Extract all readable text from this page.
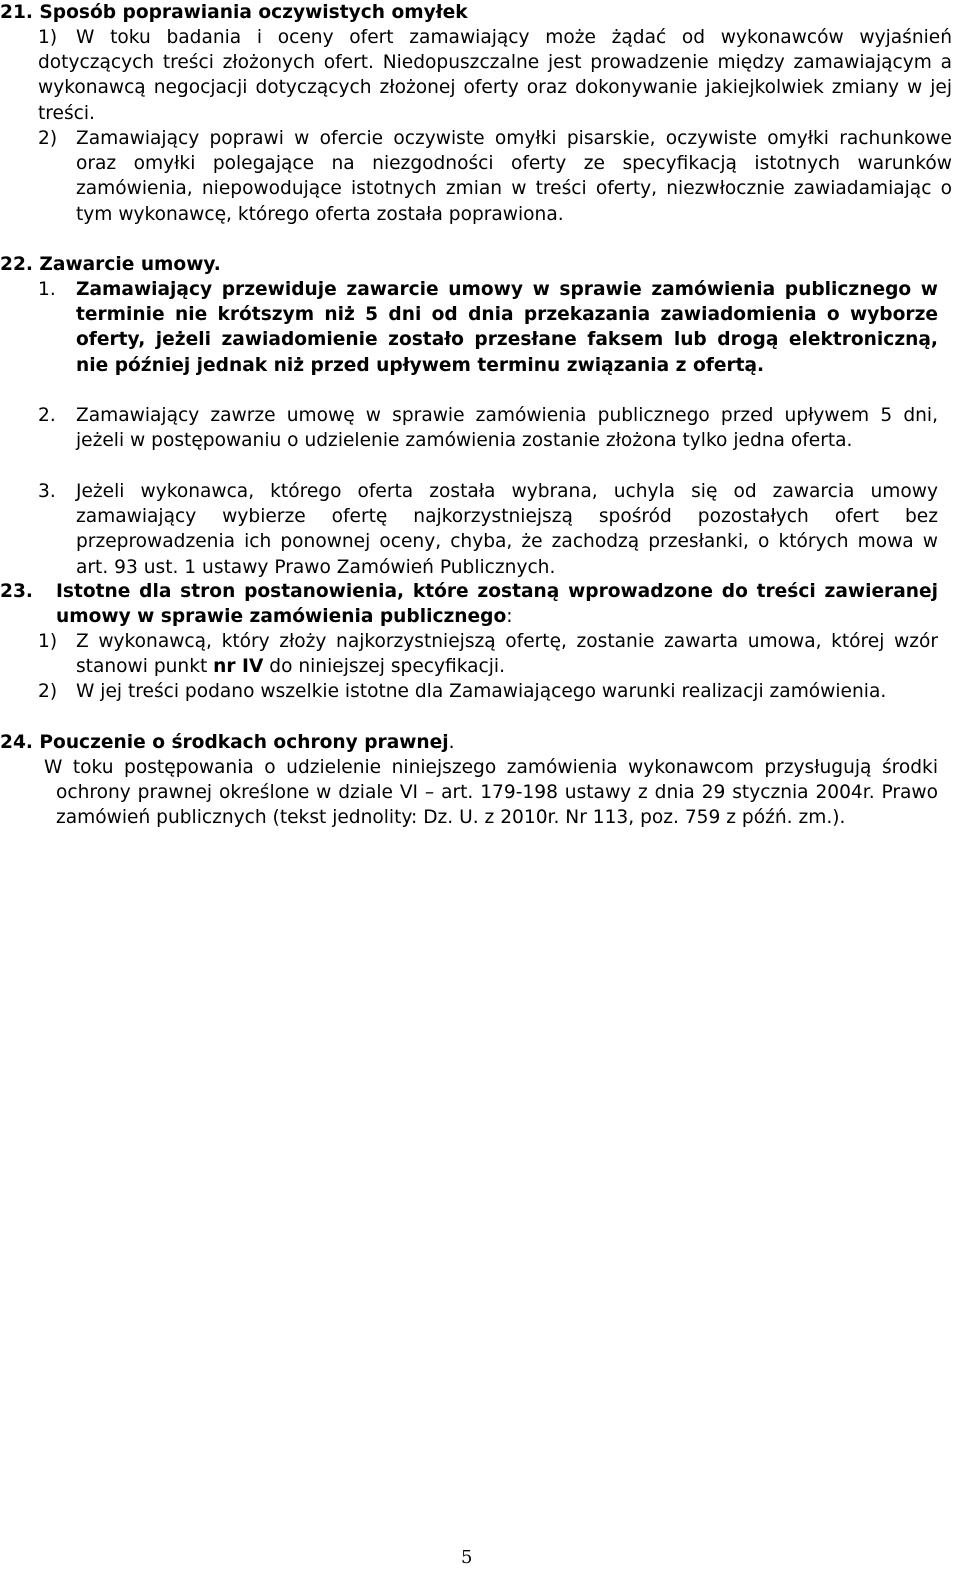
21. Sposób poprawiania oczywistych omyłek
1)	W toku badania i oceny ofert zamawiający może żądać od wykonawców wyjaśnień dotyczących treści złożonych ofert. Niedopuszczalne jest prowadzenie między zamawiającym a wykonawcą negocjacji dotyczących złożonej oferty oraz dokonywanie jakiejkolwiek zmiany w jej treści.
2)	Zamawiający poprawi w ofercie oczywiste omyłki pisarskie, oczywiste omyłki rachunkowe oraz omyłki polegające na niezgodności oferty ze specyfikacją istotnych warunków zamówienia, niepowodujące istotnych zmian w treści oferty, niezwłocznie zawiadamiając o tym wykonawcę, którego oferta została poprawiona.
22. Zawarcie umowy.
1.	Zamawiający przewiduje zawarcie umowy w sprawie zamówienia publicznego w terminie nie krótszym niż 5 dni od dnia przekazania zawiadomienia o wyborze oferty, jeżeli zawiadomienie zostało przesłane faksem lub drogą elektroniczną, nie później jednak niż przed upływem terminu związania z ofertą.
2.	Zamawiający zawrze umowę w sprawie zamówienia publicznego przed upływem 5 dni, jeżeli w postępowaniu o udzielenie zamówienia zostanie złożona tylko jedna oferta.
3.	Jeżeli wykonawca, którego oferta została wybrana, uchyla się od zawarcia umowy zamawiający wybierze ofertę najkorzystniejszą spośród pozostałych ofert bez przeprowadzenia ich ponownej oceny, chyba, że zachodzą przesłanki, o których mowa w art. 93 ust. 1 ustawy Prawo Zamówień Publicznych.
23.	Istotne dla stron postanowienia, które zostaną wprowadzone do treści zawieranej umowy w sprawie zamówienia publicznego:
1)	Z wykonawcą, który złoży najkorzystniejszą ofertę, zostanie zawarta umowa, której wzór stanowi punkt nr IV do niniejszej specyfikacji.
2)	W jej treści podano wszelkie istotne dla Zamawiającego warunki realizacji zamówienia.
24. Pouczenie o środkach ochrony prawnej.
W toku postępowania o udzielenie niniejszego zamówienia wykonawcom przysługują środki ochrony prawnej określone w dziale VI – art. 179-198 ustawy z dnia 29 stycznia 2004r. Prawo zamówień publicznych (tekst jednolity: Dz. U. z 2010r. Nr 113, poz. 759 z późń. zm.).
5
